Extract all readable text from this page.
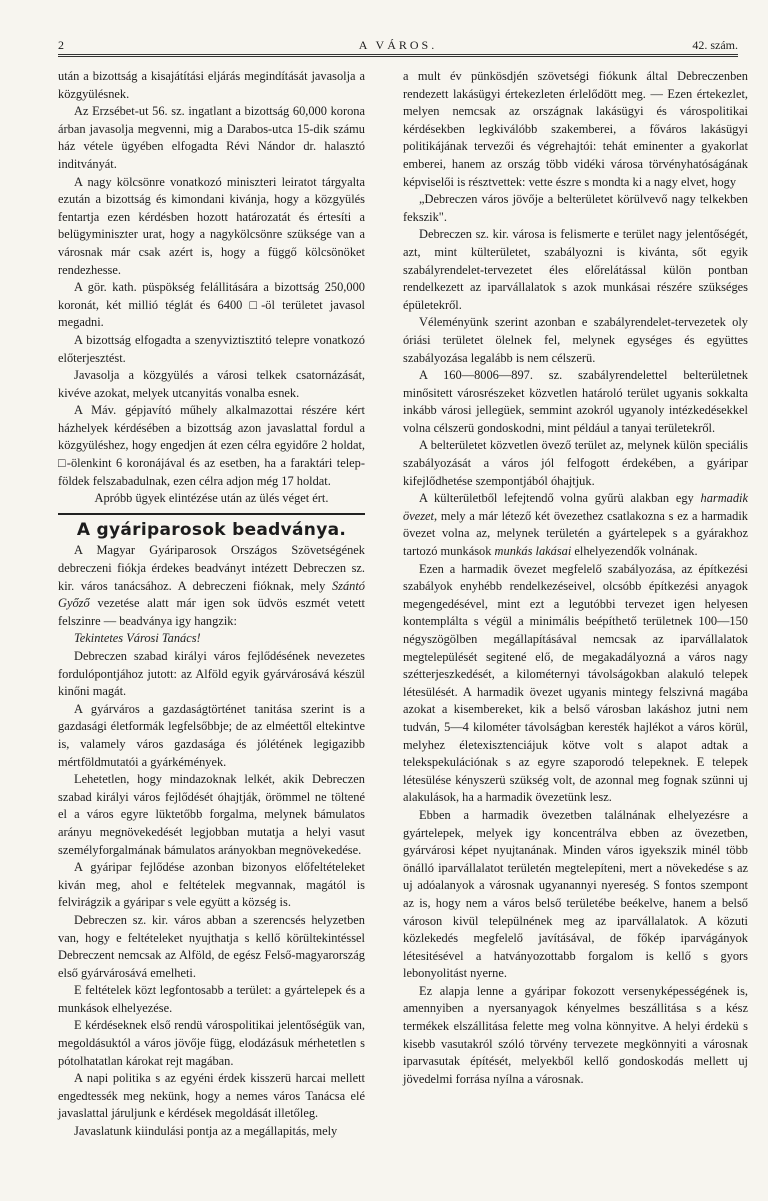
2	A VÁROS.	42. szám.

után a bizottság a kisajátítási eljárás megindítását javasolja a közgyülésnek.

Az Erzsébet-ut 56. sz. ingatlant a bizottság 60,000 korona árban javasolja megvenni, mig a Darabos-utca 15-dik számu ház vétele ügyében elfogadta Révi Nándor dr. halasztó inditványát.

A nagy kölcsönre vonatkozó miniszteri leiratot tárgyalta ezután a bizottság és kimondani kivánja, hogy a közgyülés fentartja ezen kérdésben hozott határozatát és értesíti a belügyminiszter urat, hogy a nagykölcsönre szüksége van a városnak már csak azért is, hogy a függő kölcsönöket rendezhesse.

A gör. kath. püspökség felállitására a bizottság 250,000 koronát, két millió téglát és 6400 □-öl területet javasol megadni.

A bizottság elfogadta a szenyviztisztitó telepre vonatkozó előterjesztést.

Javasolja a közgyülés a városi telkek csatornázását, kivéve azokat, melyek utcanyitás vonalba esnek.

A Máv. gépjavító műhely alkalmazottai részére kért házhelyek kérdésében a bizottság azon javaslattal fordul a közgyüléshez, hogy engedjen át ezen célra egyidőre 2 holdat, □-ölenkint 6 koronájával és az esetben, ha a faraktári telep-földek felszabadulnak, ezen célra adjon még 17 holdat.

Apróbb ügyek elintézése után az ülés véget ért.

A gyáriparosok beadványa.

A Magyar Gyáriparosok Országos Szövetségének debreczeni fiókja érdekes beadványt intézett Debreczen sz. kir. város tanácsához. A debreczeni fióknak, mely Szántó Győző vezetése alatt már igen sok üdvös eszmét vetett felszinre — beadványa igy hangzik:

Tekintetes Városi Tanács!

Debreczen szabad királyi város fejlődésének nevezetes fordulópontjához jutott: az Alföld egyik gyárvárosává készül kinőni magát.

A gyárváros a gazdaságtörténet tanitása szerint is a gazdasági életformák legfelsőbbje; de az elméettől eltekintve is, valamely város gazdasága és jólétének legigazibb mértföldmutatói a gyárkémények.

Lehetetlen, hogy mindazoknak lelkét, akik Debreczen szabad királyi város fejlődését óhajtják, örömmel ne töltené el a város egyre lüktetőbb forgalma, melynek bámulatos arányu megnövekedését legjobban mutatja a helyi vasut személyforgalmának bámulatos arányokban megnövekedése.

A gyáripar fejlődése azonban bizonyos előfeltételeket kiván meg, ahol e feltételek megvannak, magától is felvirágzik a gyáripar s vele együtt a község is.

Debreczen sz. kir. város abban a szerencsés helyzetben van, hogy e feltételeket nyujthatja s kellő körültekintéssel Debreczent nemcsak az Alföld, de egész Felső-magyarország első gyárvárosává emelheti.

E feltételek közt legfontosabb a terület: a gyártelepek és a munkások elhelyezése.

E kérdéseknek első rendü várospolitikai jelentőségük van, megoldásuktól a város jövője függ, elodázásuk mérhetetlen s pótolhatatlan károkat rejt magában.

A napi politika s az egyéni érdek kisszerü harcai mellett engedtessék meg nekünk, hogy a nemes város Tanácsa elé javaslattal járuljunk e kérdések megoldását illetőleg.

Javaslatunk kiindulási pontja az a megállapitás, mely

a mult év pünkösdjén szövetségi fiókunk által Debreczenben rendezett lakásügyi értekezleten érlelődött meg. — Ezen értekezlet, melyen nemcsak az országnak lakásügyi és várospolitikai kérdésekben legkiválóbb szakemberei, a főváros lakásügyi politikájának tervezői és végrehajtói: tehát eminenter a gyakorlat emberei, hanem az ország több vidéki városa törvényhatóságának képviselői is résztvettek: vette észre s mondta ki a nagy elvet, hogy

„Debreczen város jövője a belterületet körülvevő nagy telkekben fekszik".

Debreczen sz. kir. városa is felismerte e terület nagy jelentőségét, azt, mint külterületet, szabályozni is kivánta, sőt egyik szabályrendelet-tervezetet éles előrelátással külön pontban rendelkezett az iparvállalatok s azok munkásai részére szükséges épületekről.

Véleményünk szerint azonban e szabályrendelet-tervezetek oly óriási területet ölelnek fel, melynek egységes és együttes szabályozása legalább is nem célszerü.

A 160—8006—897. sz. szabályrendelettel belterületnek minősitett városrészeket közvetlen határoló terület ugyanis sokkalta inkább városi jellegüek, semmint azokról ugyanoly intézkedésekkel volna célszerü gondoskodni, mint például a tanyai területekről.

A belterületet közvetlen övező terület az, melynek külön speciális szabályozását a város jól felfogott érdekében, a gyáripar kifejlődhetése szempontjából óhajtjuk.

A külterületből lefejtendő volna gyűrü alakban egy harmadik övezet, mely a már létező két övezethez csatlakozna s ez a harmadik övezet volna az, melynek területén a gyártelepek s a gyárakhoz tartozó munkások munkás lakásai elhelyezendők volnának.

Ezen a harmadik övezet megfelelő szabályozása, az építkezési szabályok enyhébb rendelkezéseivel, olcsóbb építkezési anyagok megengedésével, mint ezt a legutóbbi tervezet igen helyesen kontemplálta s végül a minimális beépíthető területnek 100—150 négyszögölben megállapításával nemcsak az iparvállalatok megtelepülését segitené elő, de megakadályozná a város nagy szétterjeszkedését, a kilométernyi távolságokban alakuló telepek létesülését. A harmadik övezet ugyanis mintegy felszivná magába azokat a kisembereket, kik a belső városban lakáshoz jutni nem tudván, 5—4 kilométer távolságban keresték hajlékot a város körül, melyhez életexisztenciájuk kötve volt s alapot adtak a telekspekulációnak s az egyre szaporodó telepeknek. E telepek létesülése kényszerü szükség volt, de azonnal meg fognak szünni uj alakulások, ha a harmadik övezetünk lesz.

Ebben a harmadik övezetben találnának elhelyezésre a gyártelepek, melyek igy koncentrálva ebben az övezetben, gyárvárosi képet nyujtanának. Minden város igyekszik minél több önálló iparvállalatot területén megtelepíteni, mert a növekedése s az uj adóalanyok a városnak ugyanannyi nyereség. S fontos szempont az is, hogy nem a város belső területébe beékelve, hanem a belső városon kivül települnének meg az iparvállalatok. A közuti közlekedés megfelelő javításával, de főkép iparvágányok létesitésével a hatványozottabb forgalom is kellő s gyors lebonyolitást nyerne.

Ez alapja lenne a gyáripar fokozott versenyképességének is, amennyiben a nyersanyagok kényelmes beszállitása s a kész termékek elszállitása felette meg volna könnyitve. A helyi érdekü s kisebb vasutakról szóló törvény tervezete megkönnyiti a városnak iparvasutak építését, melyekből kellő gondoskodás mellett uj jövedelmi forrása nyílna a városnak.
